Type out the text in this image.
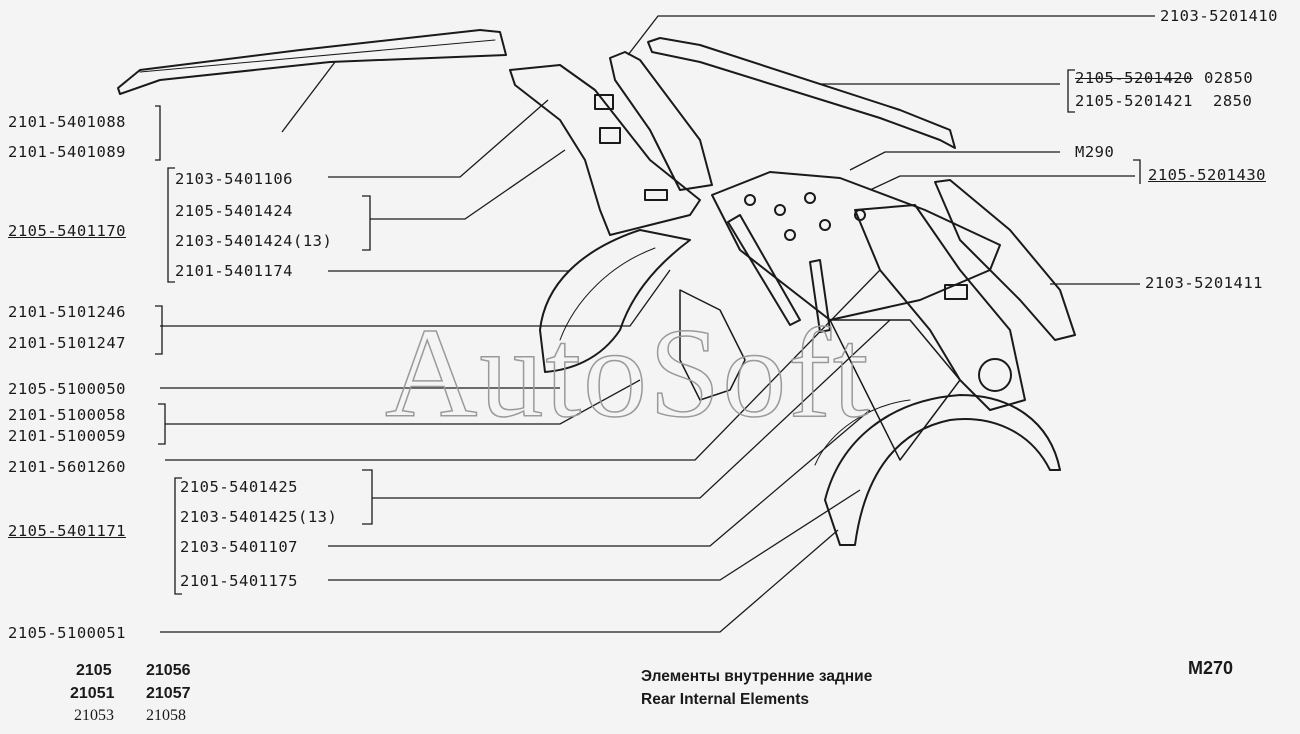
AutoSoft
2103-5201410
2105-5201420 02850
2105-5201421 2850
M290
2105-5201430
2103-5201411
2101-5401088
2101-5401089
2103-5401106
2105-5401424
2105-5401170
2103-5401424(13)
2101-5401174
2101-5101246
2101-5101247
2105-5100050
2101-5100058
2101-5100059
2101-5601260
2105-5401425
2103-5401425(13)
2105-5401171
2103-5401107
2101-5401175
2105-5100051
2105 21056
21051 21057
21053 21058
Элементы внутренние задние
Rear Internal Elements
M270
